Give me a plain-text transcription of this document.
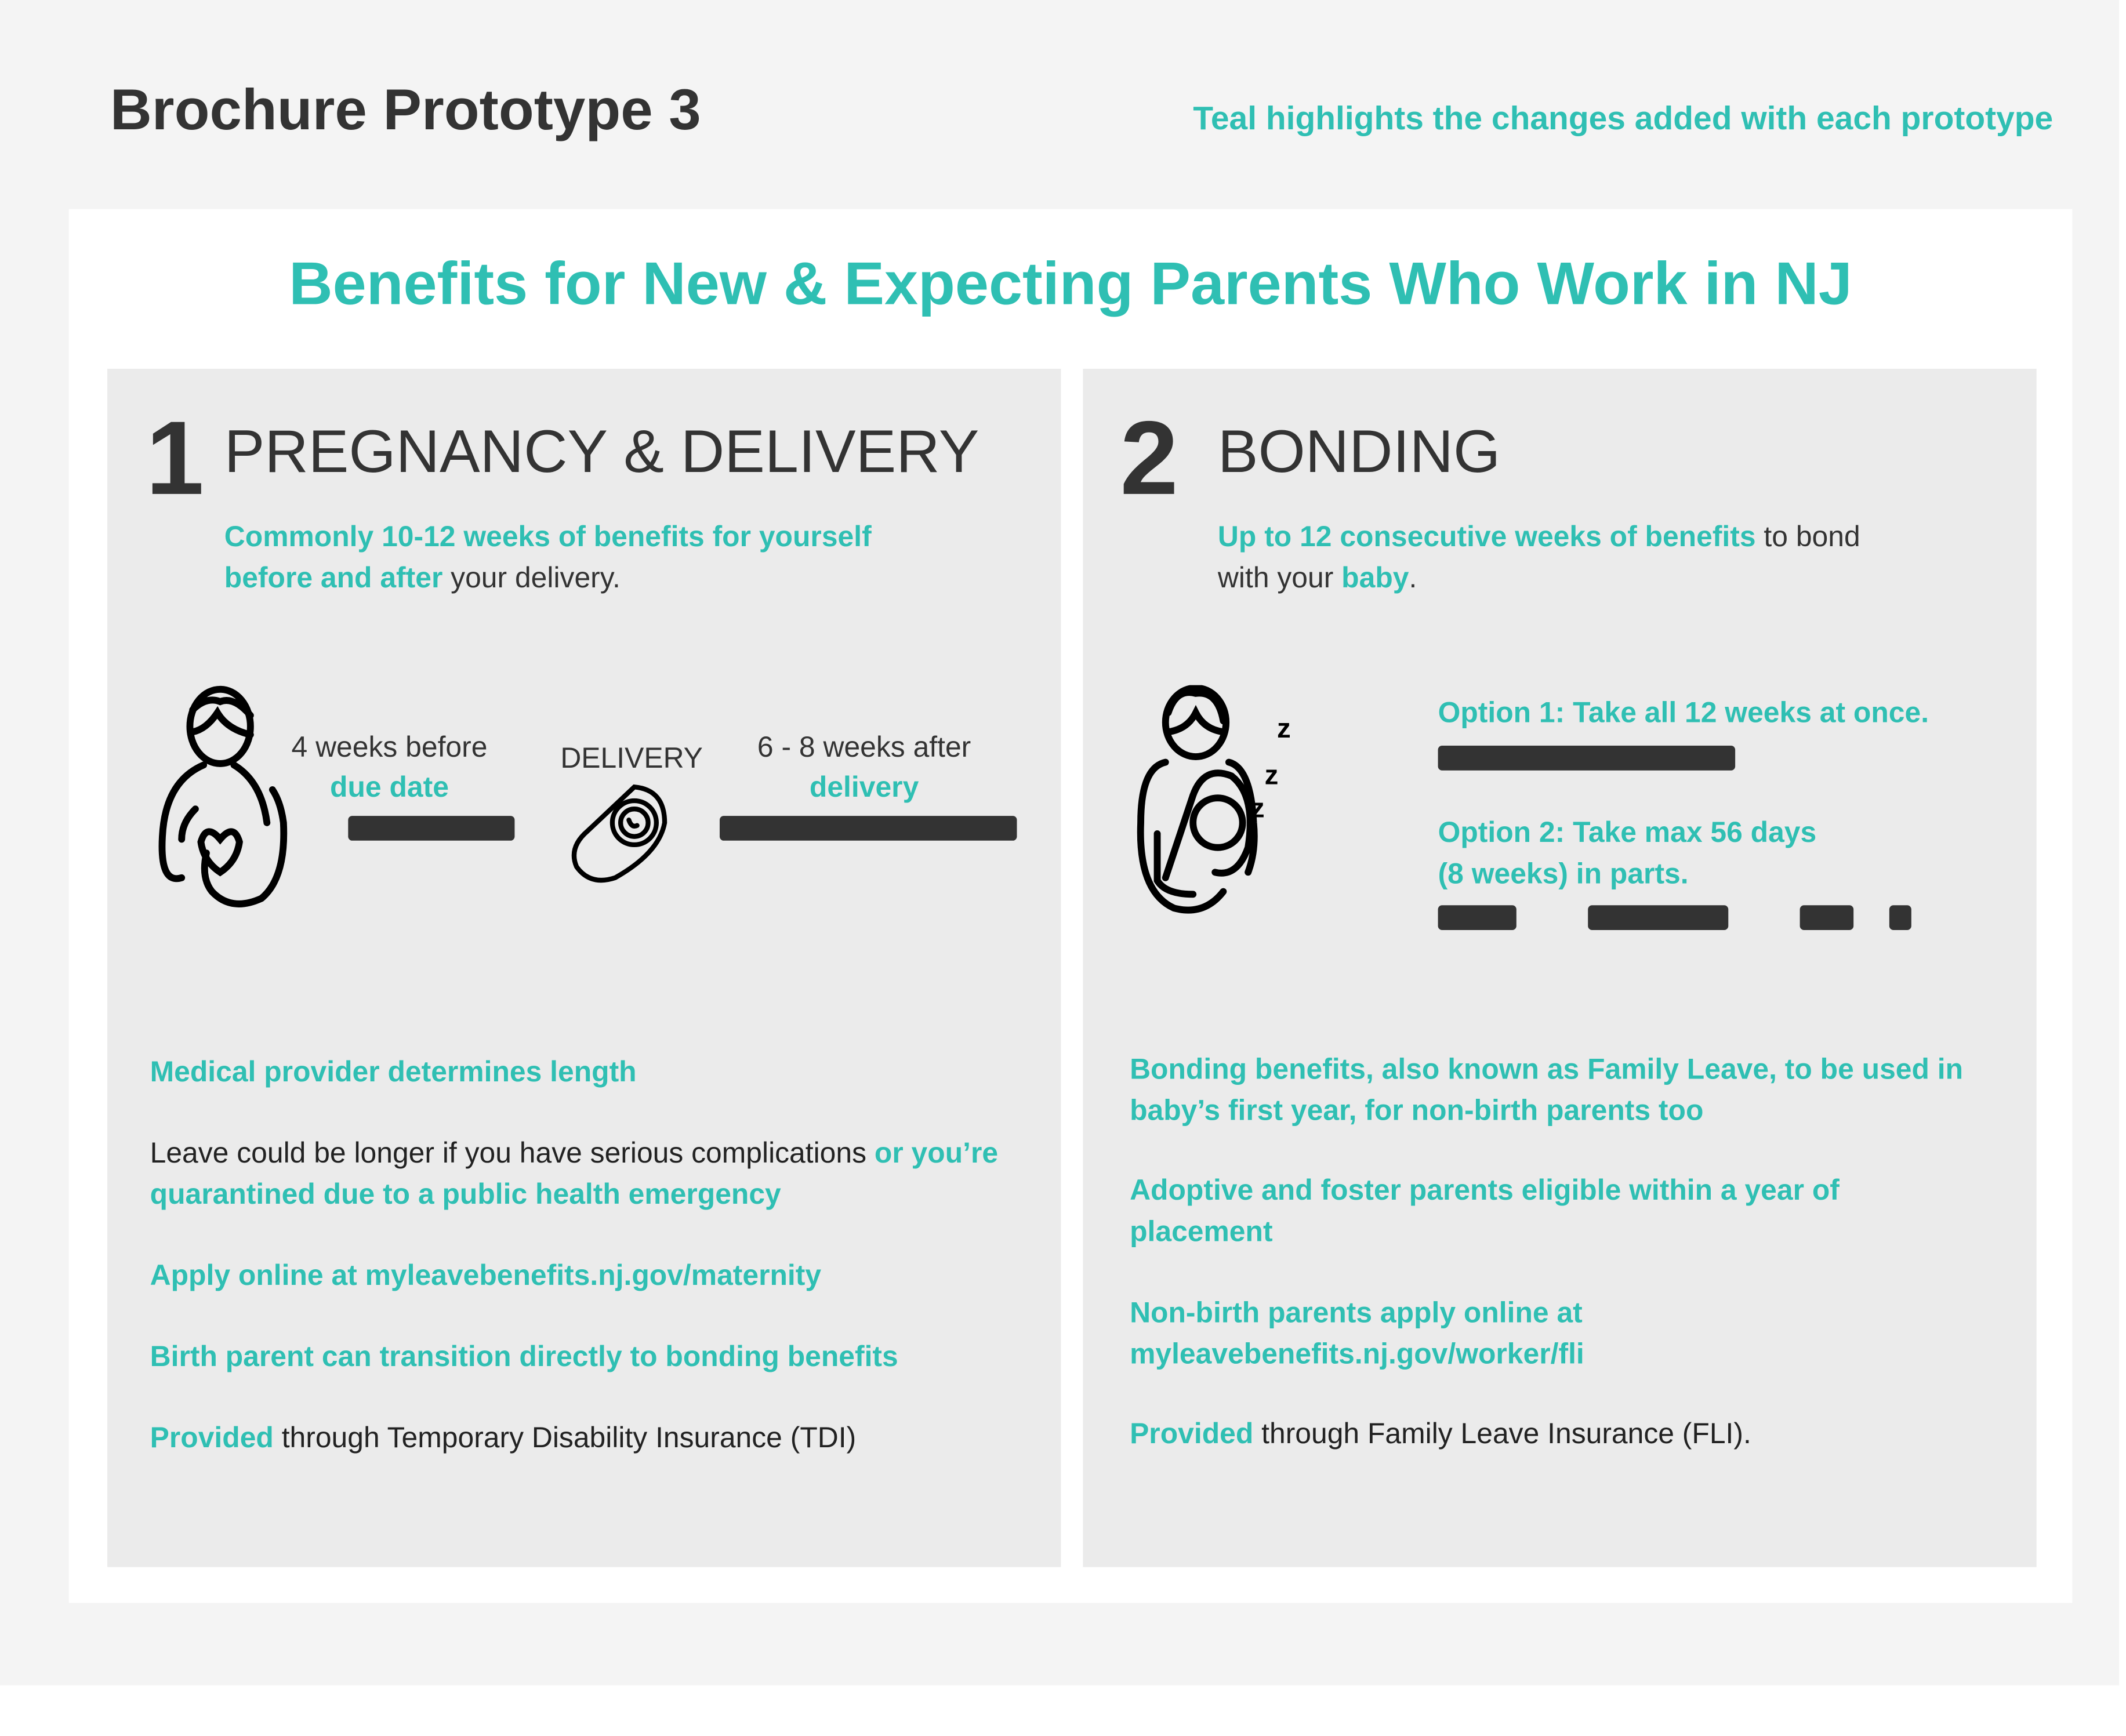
Brochure Prototype 3	Teal highlights the changes added with each prototype
Benefits for New & Expecting Parents Who Work in NJ
1 PREGNANCY & DELIVERY
Commonly 10-12 weeks of benefits for yourself before and after your delivery.
4 weeks before
due date
DELIVERY	6 - 8 weeks after
delivery
Medical provider determines length
Leave could be longer if you have serious complications or you’re quarantined due to a public health emergency
Apply online at myleavebenefits.nj.gov/maternity
Birth parent can transition directly to bonding benefits
Provided through Temporary Disability Insurance (TDI)
2 BONDING
Up to 12 consecutive weeks of benefits to bond with your baby.
z
z
z
Option 1: Take all 12 weeks at once.
Option 2: Take max 56 days
(8 weeks) in parts.
Bonding benefits, also known as Family Leave, to be used in baby’s first year, for non-birth parents too
Adoptive and foster parents eligible within a year of placement
Non-birth parents apply online at myleavebenefits.nj.gov/worker/fli
Provided through Family Leave Insurance (FLI).
